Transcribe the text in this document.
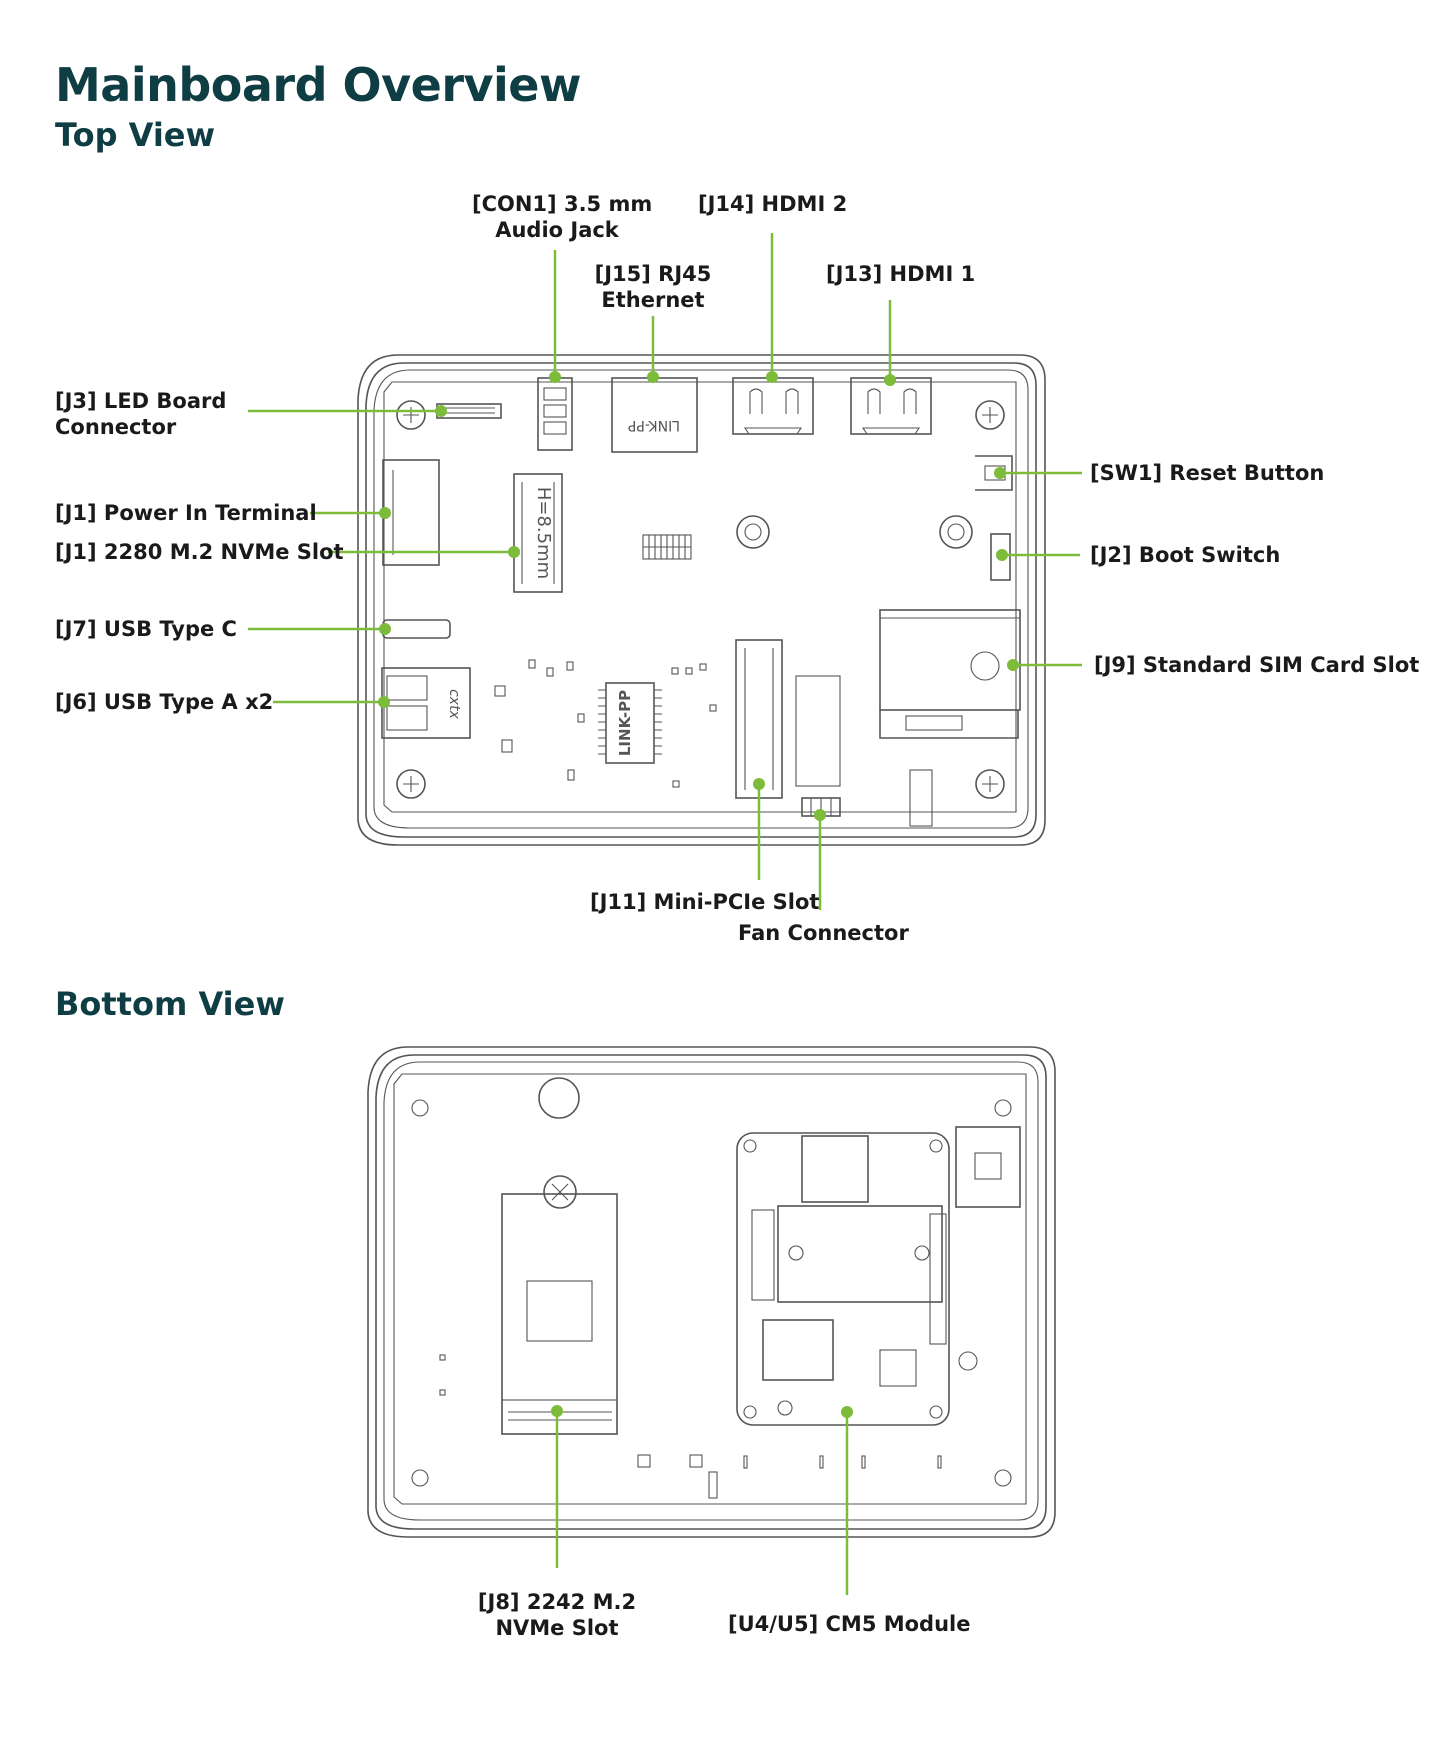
Mainboard Overview
Top View
Bottom View
LINK-PP
H=8.5mm
cxtx	LINK-PP
[CON1] 3.5 mm
Audio Jack
[J14] HDMI 2
[J15] RJ45
Ethernet
[J13] HDMI 1
[J3] LED Board
Connector
[J1] Power In Terminal
[J1] 2280 M.2 NVMe Slot
[J7] USB Type C
[J6] USB Type A x2
[SW1] Reset Button
[J2] Boot Switch
[J9] Standard SIM Card Slot
[J11] Mini-PCIe Slot
Fan Connector
[J8] 2242 M.2
NVMe Slot	[U4/U5] CM5 Module
